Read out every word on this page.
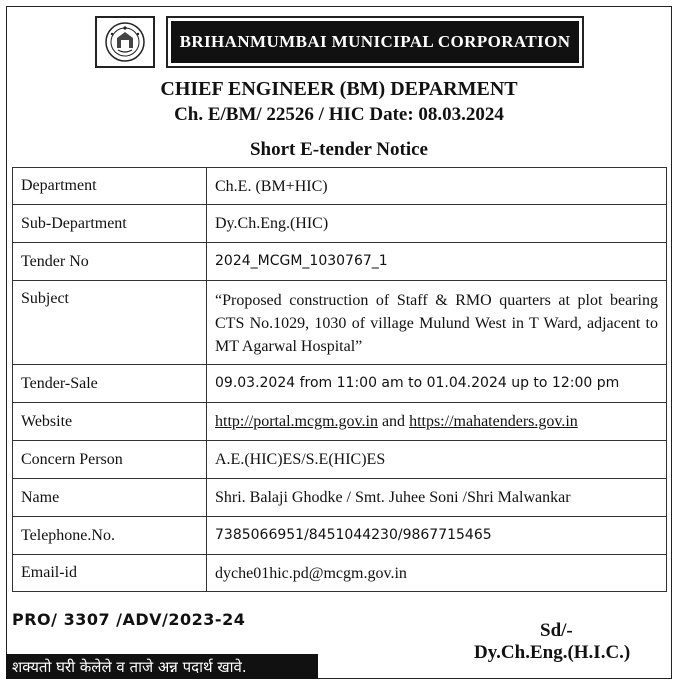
BRIHANMUMBAI MUNICIPAL CORPORATION
CHIEF ENGINEER (BM) DEPARMENT
Ch. E/BM/ 22526 / HIC Date: 08.03.2024
Short E-tender Notice
Department	Ch.E. (BM+HIC)
Sub-Department	Dy.Ch.Eng.(HIC)
Tender No	2024_MCGM_1030767_1
Subject	“Proposed construction of Staff & RMO quarters at plot bearing CTS No.1029, 1030 of village Mulund West in T Ward, adjacent to MT Agarwal Hospital”
Tender-Sale	09.03.2024 from 11:00 am to 01.04.2024 up to 12:00 pm
Website	http://portal.mcgm.gov.in and https://mahatenders.gov.in
Concern Person	A.E.(HIC)ES/S.E(HIC)ES
Name	Shri. Balaji Ghodke / Smt. Juhee Soni /Shri Malwankar
Telephone.No.	7385066951/8451044230/9867715465
Email-id	dyche01hic.pd@mcgm.gov.in
PRO/ 3307 /ADV/2023-24
Sd/-
Dy.Ch.Eng.(H.I.C.)
शक्यतो घरी केलेले व ताजे अन्न पदार्थ खावे.
